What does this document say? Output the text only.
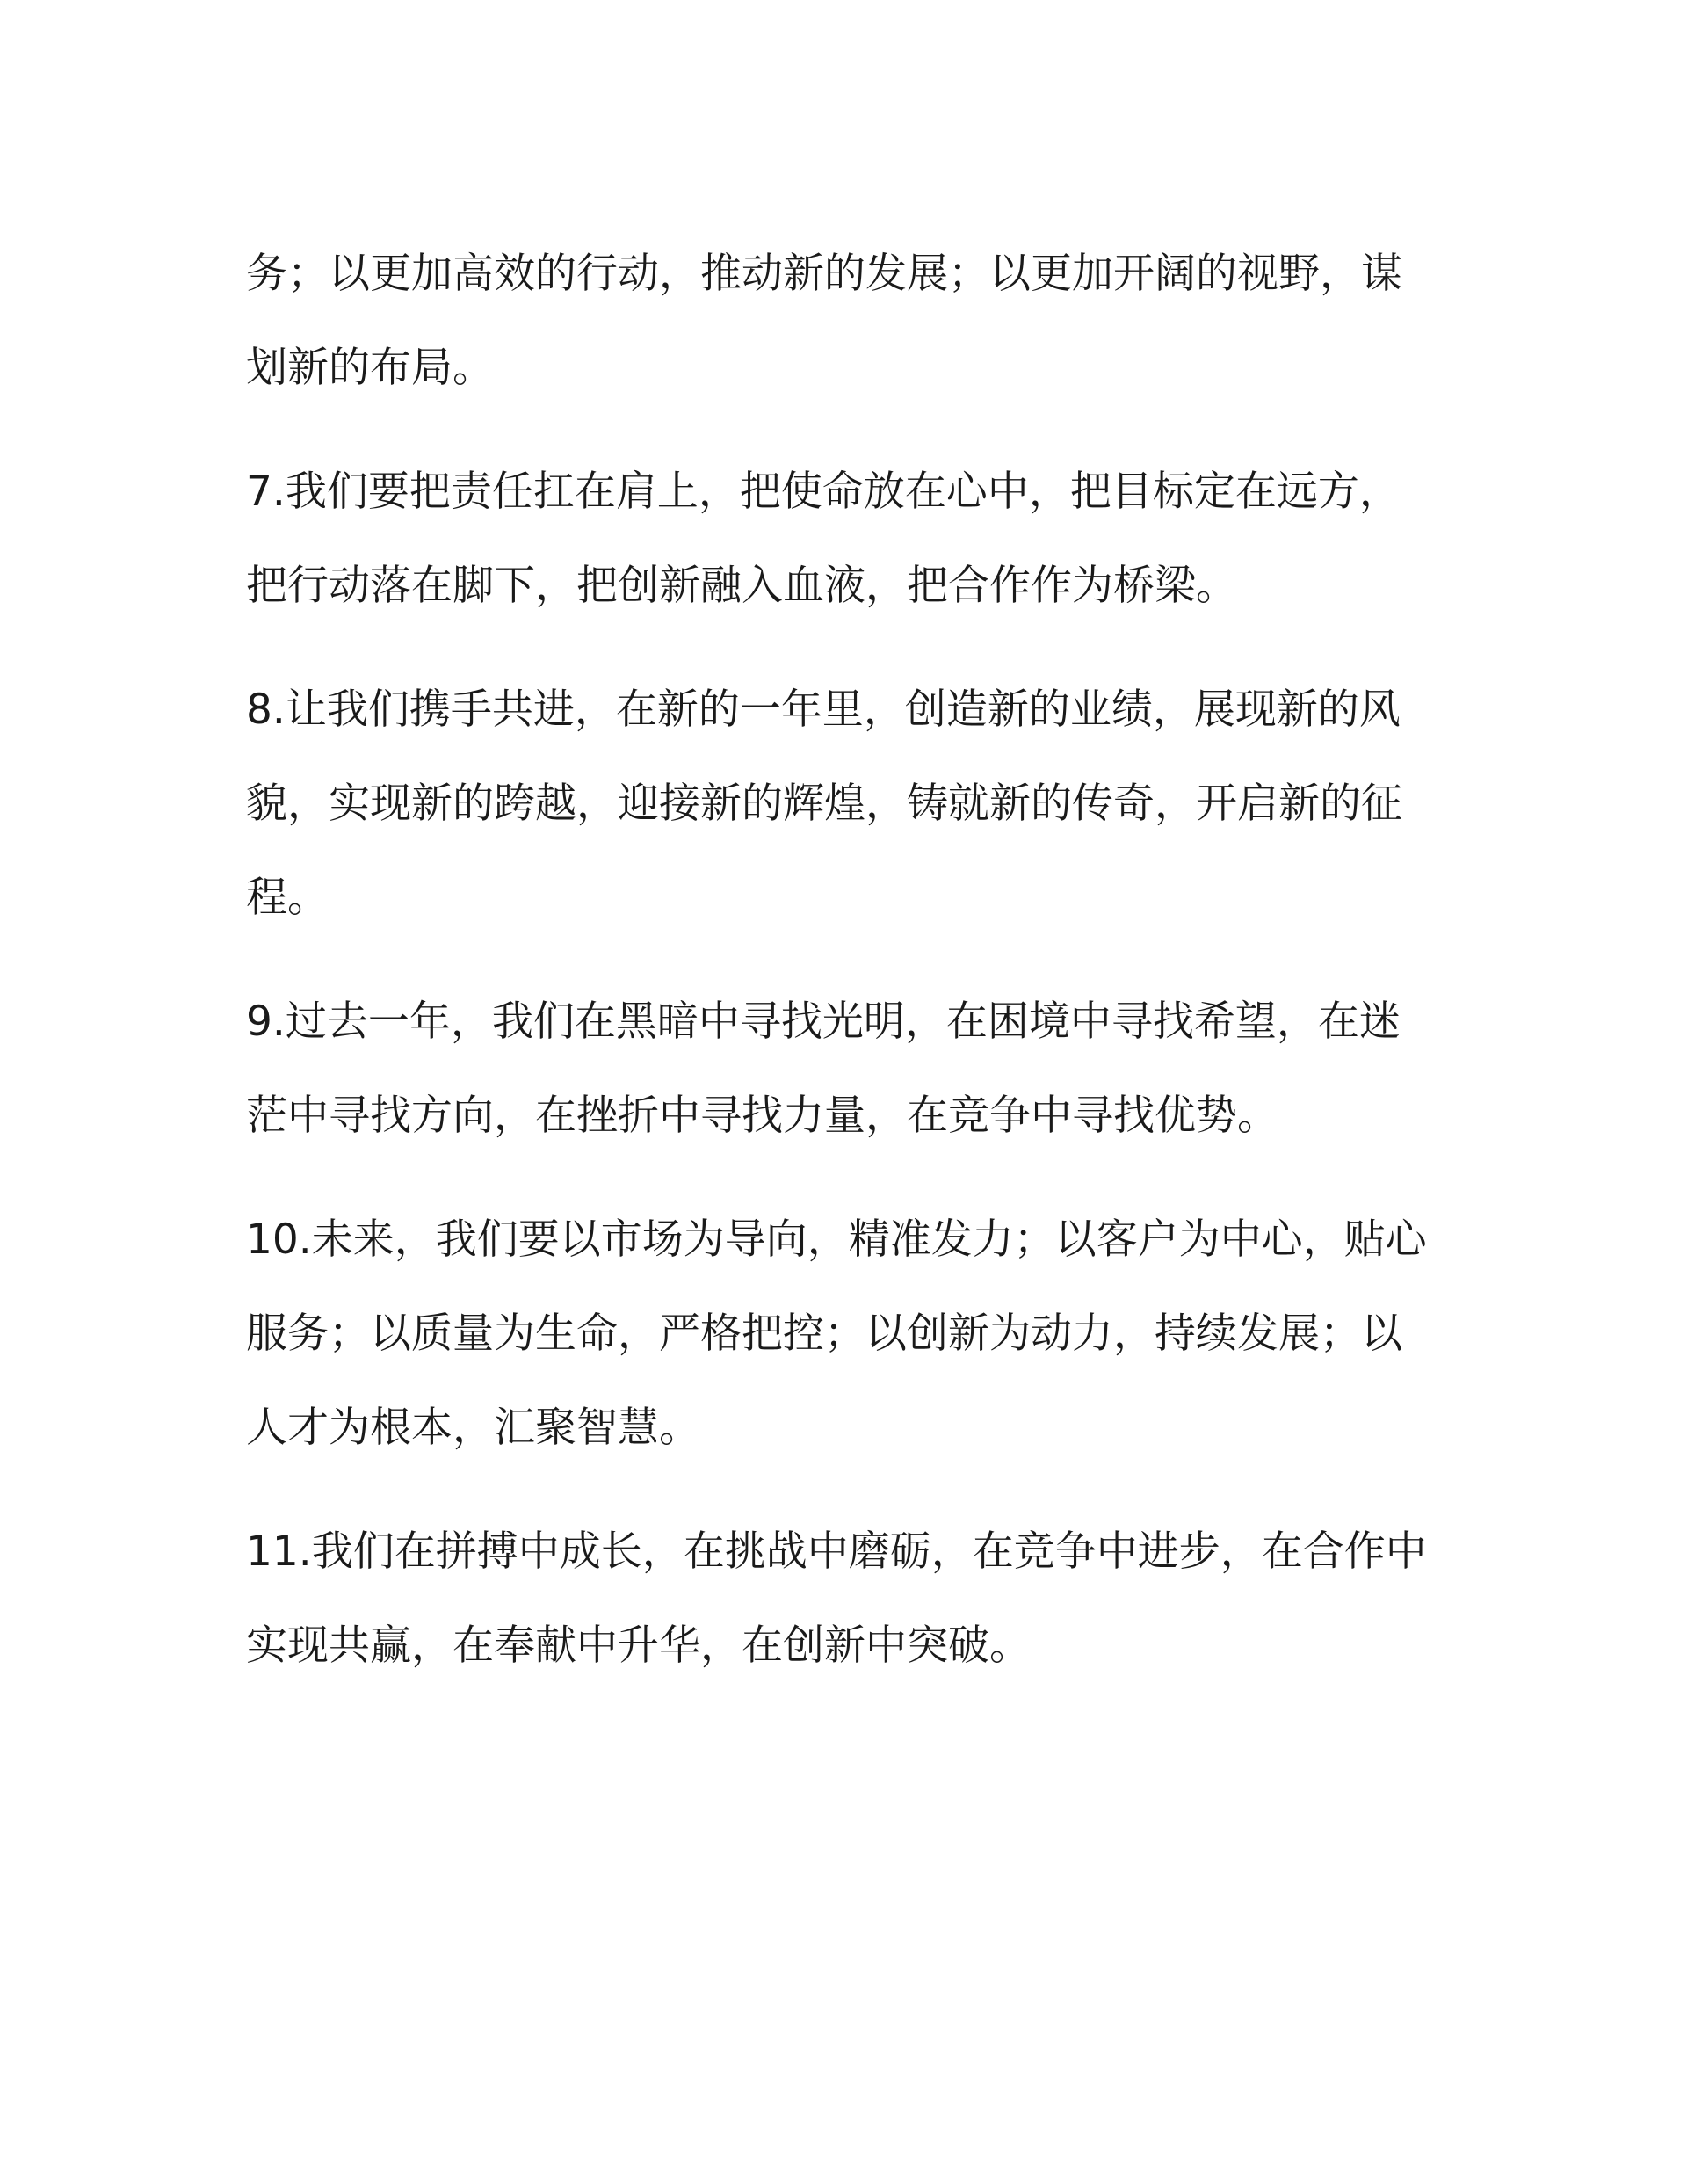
务；以更加高效的行动，推动新的发展；以更加开阔的视野，谋划新的布局。

7.我们要把责任扛在肩上，把使命放在心中，把目标定在远方，把行动落在脚下，把创新融入血液，把合作作为桥梁。

8.让我们携手共进，在新的一年里，创造新的业绩，展现新的风貌，实现新的跨越，迎接新的辉煌，铸就新的传奇，开启新的征程。

9.过去一年，我们在黑暗中寻找光明，在困境中寻找希望，在迷茫中寻找方向，在挫折中寻找力量，在竞争中寻找优势。

10.未来，我们要以市场为导向，精准发力；以客户为中心，贴心服务；以质量为生命，严格把控；以创新为动力，持续发展；以人才为根本，汇聚智慧。

11.我们在拼搏中成长，在挑战中磨砺，在竞争中进步，在合作中实现共赢，在奉献中升华，在创新中突破。
